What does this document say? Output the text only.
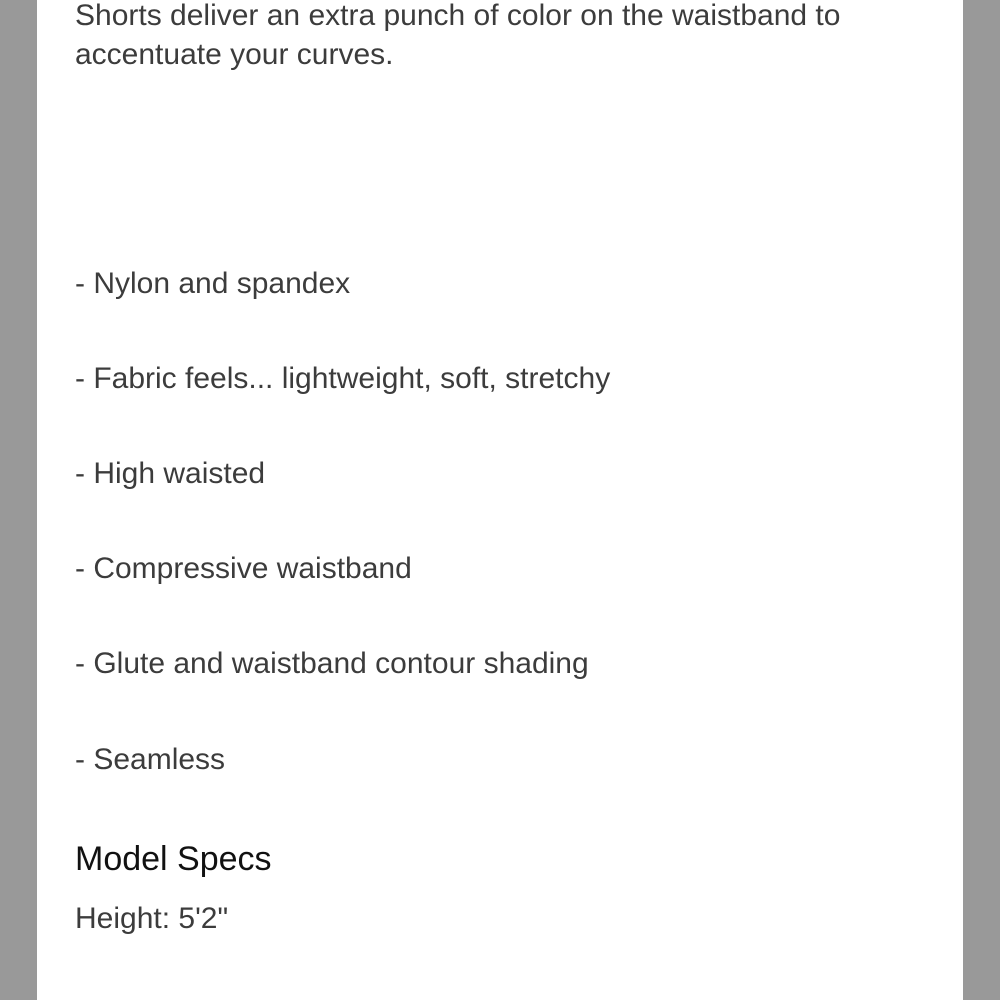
Shorts deliver an extra punch of color on the waistband to accentuate your curves.

- Nylon and spandex

- Fabric feels... lightweight, soft, stretchy

- High waisted

- Compressive waistband

- Glute and waistband contour shading

- Seamless

Model Specs

Height: 5'2"
